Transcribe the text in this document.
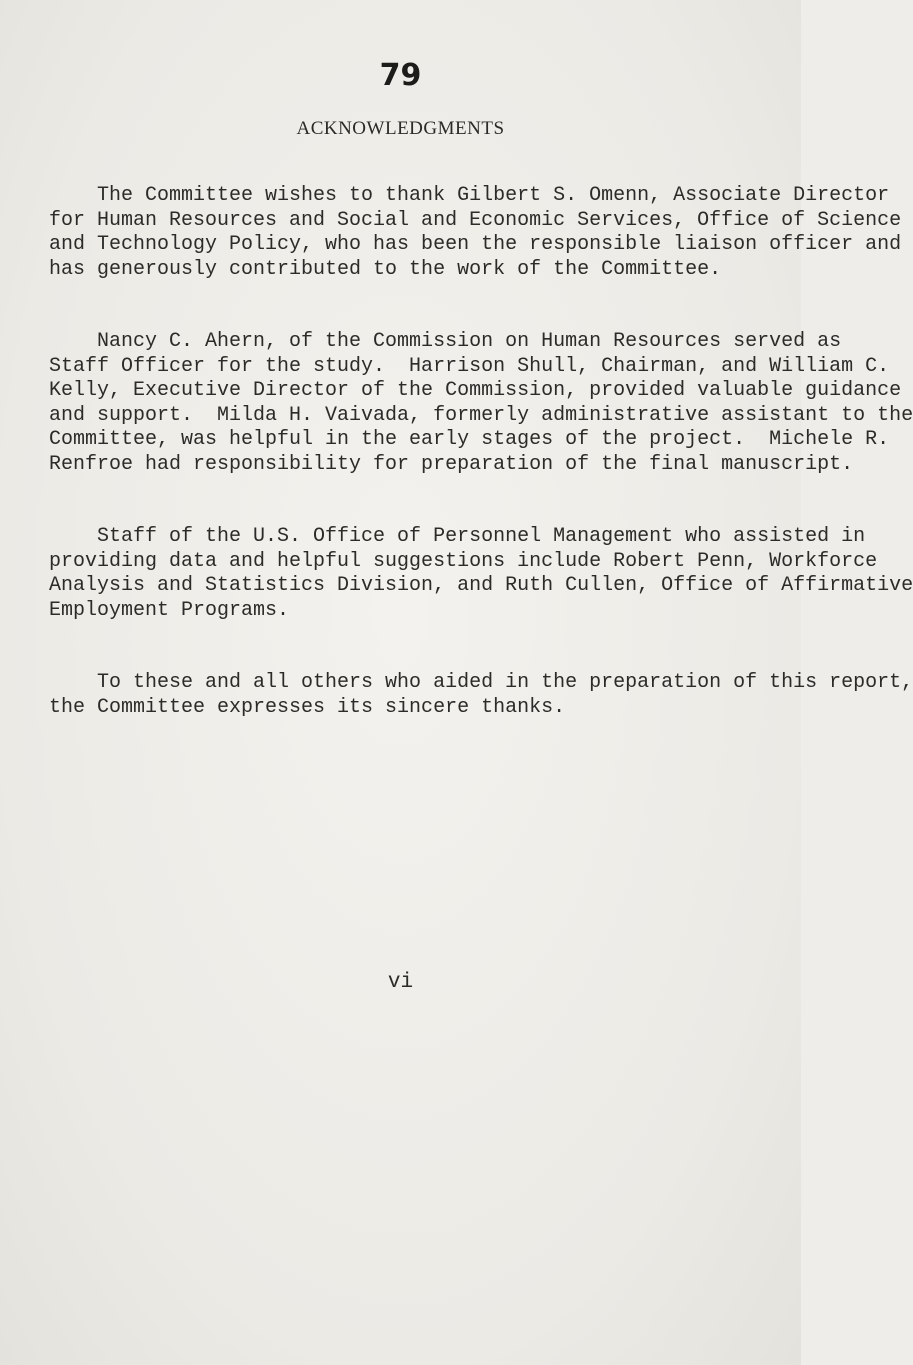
79
ACKNOWLEDGMENTS

The Committee wishes to thank Gilbert S. Omenn, Associate Director
for Human Resources and Social and Economic Services, Office of Science
and Technology Policy, who has been the responsible liaison officer and
has generously contributed to the work of the Committee.

Nancy C. Ahern, of the Commission on Human Resources served as
Staff Officer for the study.  Harrison Shull, Chairman, and William C.
Kelly, Executive Director of the Commission, provided valuable guidance
and support.  Milda H. Vaivada, formerly administrative assistant to the
Committee, was helpful in the early stages of the project.  Michele R.
Renfroe had responsibility for preparation of the final manuscript.

Staff of the U.S. Office of Personnel Management who assisted in
providing data and helpful suggestions include Robert Penn, Workforce
Analysis and Statistics Division, and Ruth Cullen, Office of Affirmative
Employment Programs.

To these and all others who aided in the preparation of this report,
the Committee expresses its sincere thanks.

vi
